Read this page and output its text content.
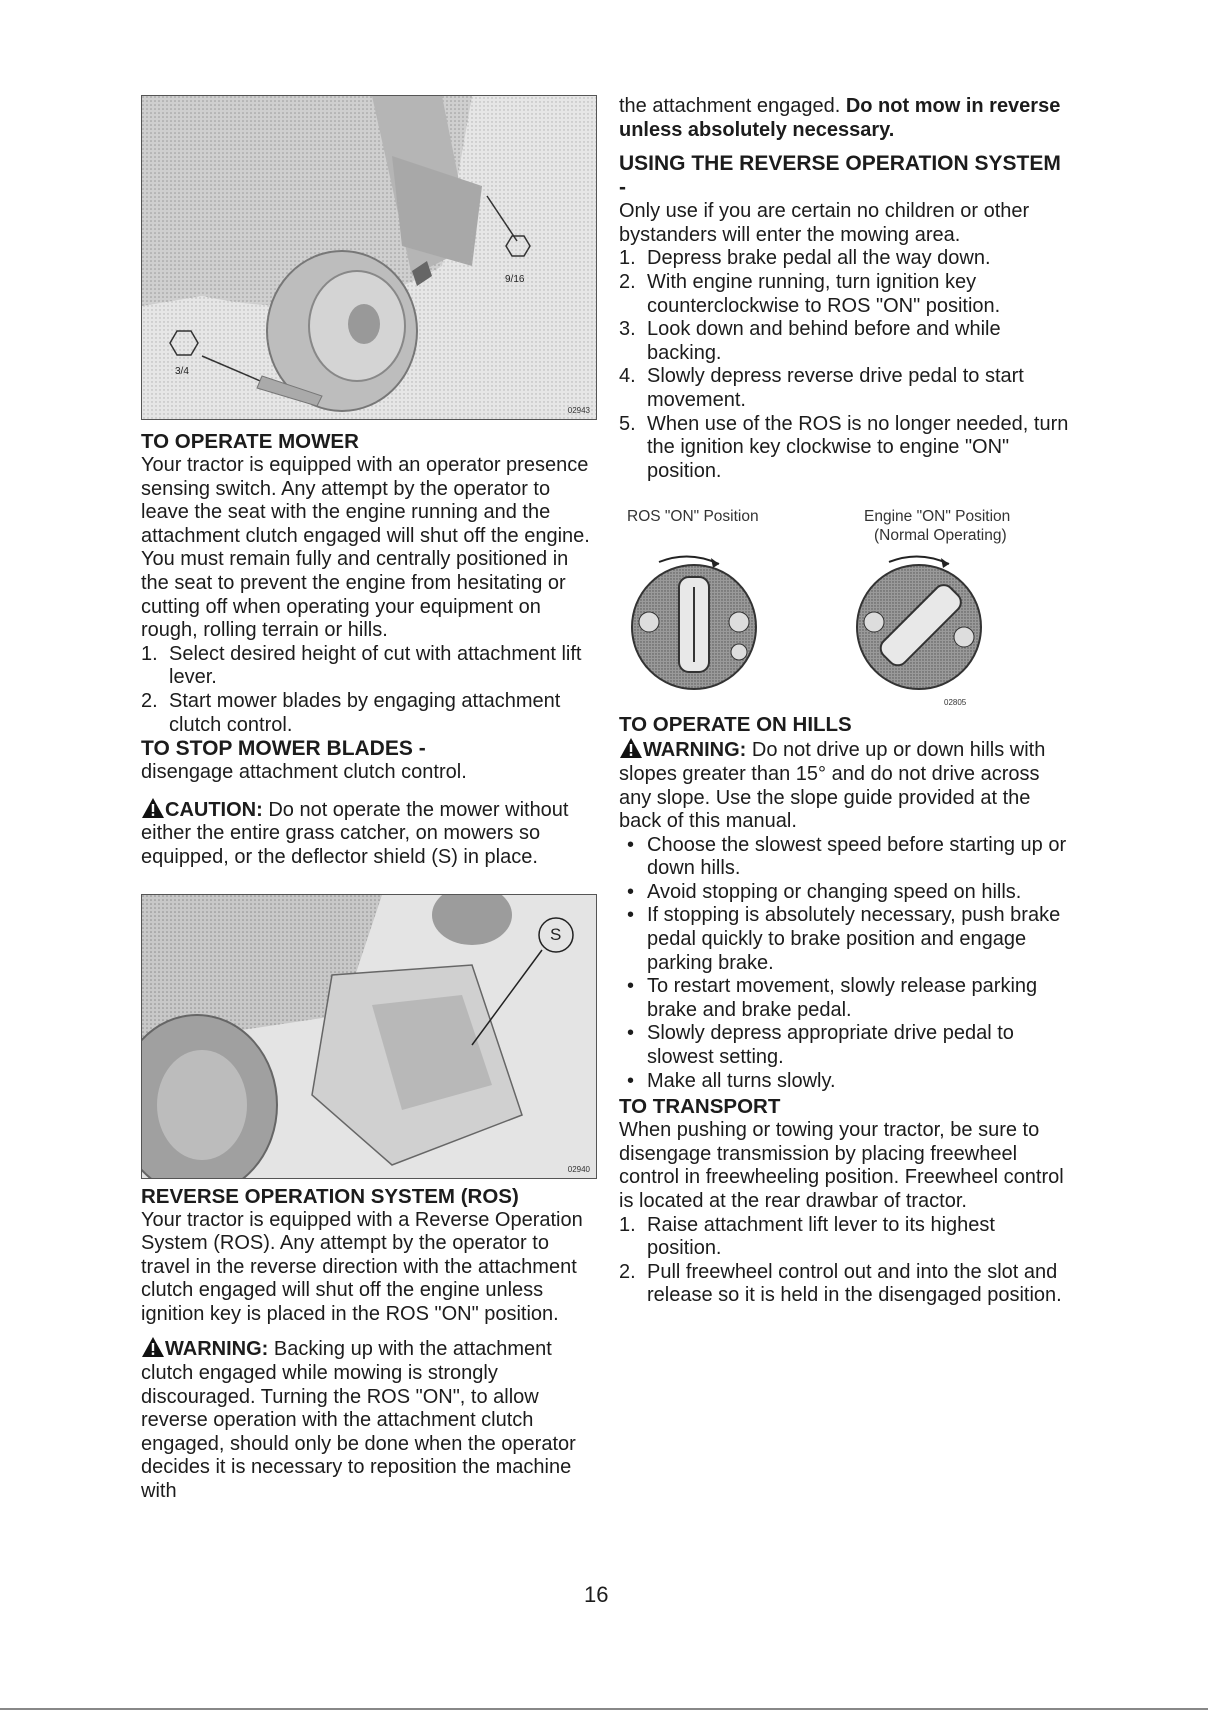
9/16
3/4
02943
TO OPERATE MOWER

Your tractor is equipped with an operator presence sensing switch. Any attempt by the operator to leave the seat with the engine running and the attachment clutch engaged will shut off the engine. You must remain fully and centrally positioned in the seat to prevent the engine from hesitating or cutting off when operating your equipment on rough, rolling terrain or hills.

1. Select desired height of cut with attachment lift lever.
2. Start mower blades by engaging attachment clutch control.
TO STOP MOWER BLADES -

disengage attachment clutch control.

CAUTION: Do not operate the mower without either the entire grass catcher, on mowers so equipped, or the deflector shield (S) in place.

S
02940
REVERSE OPERATION SYSTEM (ROS)

Your tractor is equipped with a Reverse Operation System (ROS). Any attempt by the operator to travel in the reverse direction with the attachment clutch engaged will shut off the engine unless ignition key is placed in the ROS "ON" position.

WARNING: Backing up with the attachment clutch engaged while mowing is strongly discouraged. Turning the ROS "ON", to allow reverse operation with the attachment clutch engaged, should only be done when the operator decides it is necessary to reposition the machine with

the attachment engaged. Do not mow in reverse unless absolutely necessary.

USING THE REVERSE OPERATION SYSTEM -

Only use if you are certain no children or other bystanders will enter the mowing area.

1. Depress brake pedal all the way down.
2. With engine running, turn ignition key counterclockwise to ROS "ON" position.
3. Look down and behind before and while backing.
4. Slowly depress reverse drive pedal to start movement.
5. When use of the ROS is no longer needed, turn the ignition key clockwise to engine "ON" position.
ROS "ON" Position	Engine "ON" Position
(Normal Operating)
02805
TO OPERATE ON HILLS

WARNING: Do not drive up or down hills with slopes greater than 15° and do not drive across any slope. Use the slope guide provided at the back of this manual.

• Choose the slowest speed before starting up or down hills.
• Avoid stopping or changing speed on hills.
• If stopping is absolutely necessary, push brake pedal quickly to brake position and engage parking brake.
• To restart movement, slowly release parking brake and brake pedal.
• Slowly depress appropriate drive pedal to slowest setting.
• Make all turns slowly.
TO TRANSPORT

When pushing or towing your tractor, be sure to disengage transmission by placing freewheel control in freewheeling position. Freewheel control is located at the rear drawbar of tractor.

1. Raise attachment lift lever to its highest position.
2. Pull freewheel control out and into the slot and release so it is held in the disengaged position.
16
